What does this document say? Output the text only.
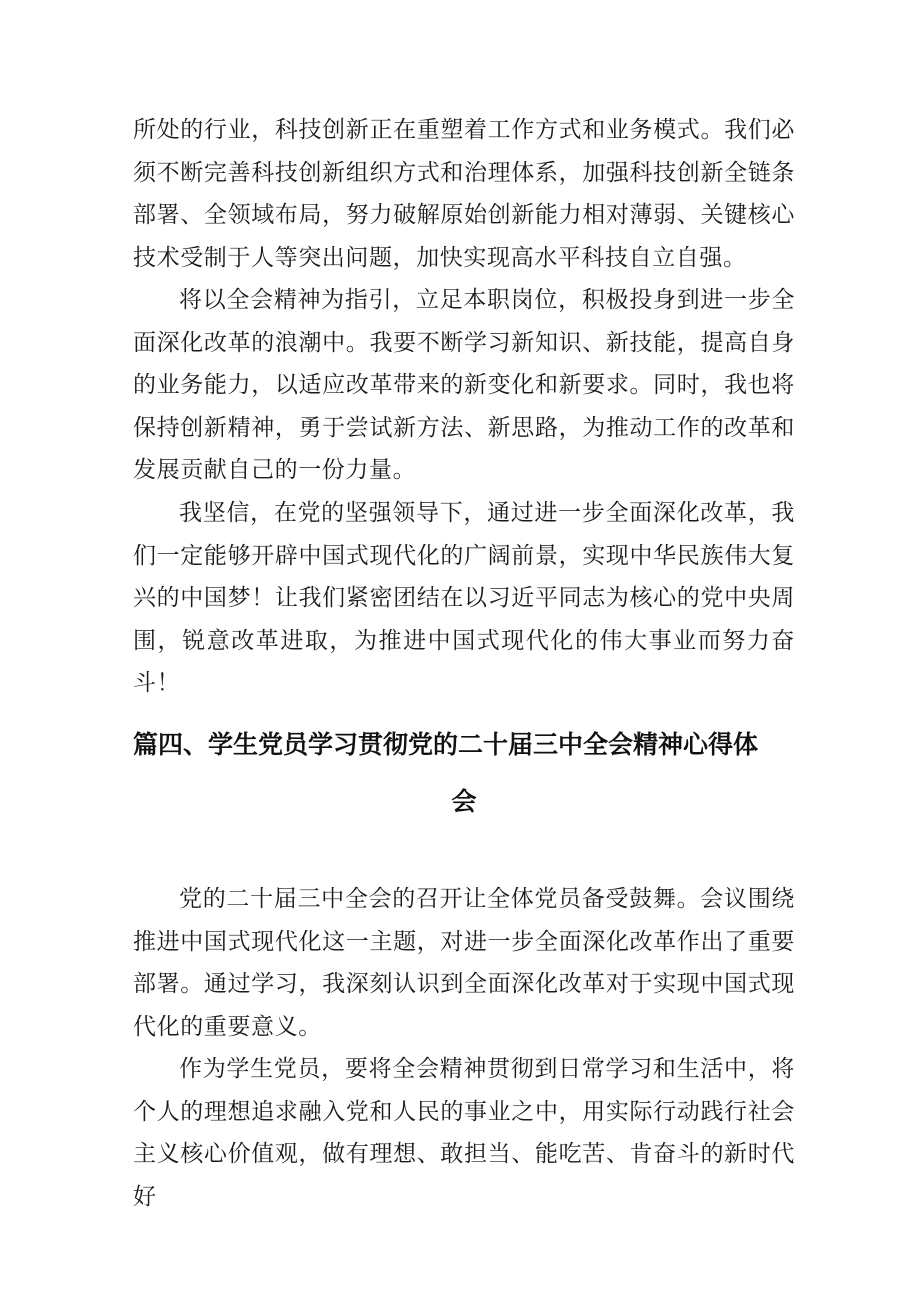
所处的行业，科技创新正在重塑着工作方式和业务模式。我们必须不断完善科技创新组织方式和治理体系，加强科技创新全链条部署、全领域布局，努力破解原始创新能力相对薄弱、关键核心技术受制于人等突出问题，加快实现高水平科技自立自强。

将以全会精神为指引，立足本职岗位，积极投身到进一步全面深化改革的浪潮中。我要不断学习新知识、新技能，提高自身的业务能力，以适应改革带来的新变化和新要求。同时，我也将保持创新精神，勇于尝试新方法、新思路，为推动工作的改革和发展贡献自己的一份力量。

我坚信，在党的坚强领导下，通过进一步全面深化改革，我们一定能够开辟中国式现代化的广阔前景，实现中华民族伟大复兴的中国梦！让我们紧密团结在以习近平同志为核心的党中央周围，锐意改革进取，为推进中国式现代化的伟大事业而努力奋斗！

篇四、学生党员学习贯彻党的二十届三中全会精神心得体
会

党的二十届三中全会的召开让全体党员备受鼓舞。会议围绕推进中国式现代化这一主题，对进一步全面深化改革作出了重要部署。通过学习，我深刻认识到全面深化改革对于实现中国式现代化的重要意义。

作为学生党员，要将全会精神贯彻到日常学习和生活中，将个人的理想追求融入党和人民的事业之中，用实际行动践行社会主义核心价值观，做有理想、敢担当、能吃苦、肯奋斗的新时代好
